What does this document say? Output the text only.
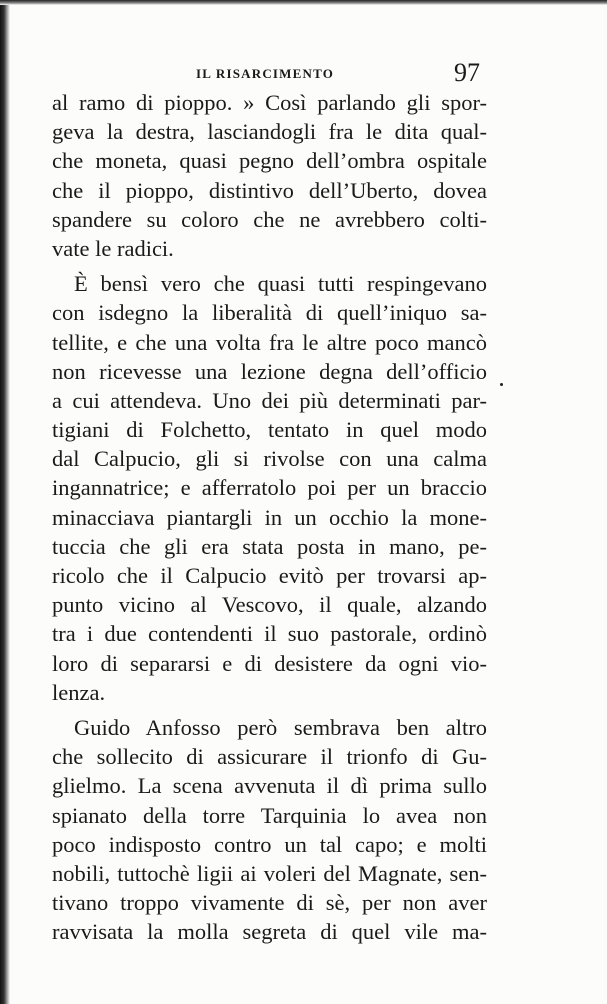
IL RISARCIMENTO	97
al ramo di pioppo. » Così parlando gli spor-
geva la destra, lasciandogli fra le dita qual-
che moneta, quasi pegno dell’ombra ospitale
che il pioppo, distintivo dell’Uberto, dovea
spandere su coloro che ne avrebbero colti-
vate le radici.
È bensì vero che quasi tutti respingevano
con isdegno la liberalità di quell’iniquo sa-
tellite, e che una volta fra le altre poco mancò
non ricevesse una lezione degna dell’officio
a cui attendeva. Uno dei più determinati par-
tigiani di Folchetto, tentato in quel modo
dal Calpucio, gli si rivolse con una calma
ingannatrice; e afferratolo poi per un braccio
minacciava piantargli in un occhio la mone-
tuccia che gli era stata posta in mano, pe-
ricolo che il Calpucio evitò per trovarsi ap-
punto vicino al Vescovo, il quale, alzando
tra i due contendenti il suo pastorale, ordinò
loro di separarsi e di desistere da ogni vio-
lenza.
Guido Anfosso però sembrava ben altro
che sollecito di assicurare il trionfo di Gu-
glielmo. La scena avvenuta il dì prima sullo
spianato della torre Tarquinia lo avea non
poco indisposto contro un tal capo; e molti
nobili, tuttochè ligii ai voleri del Magnate, sen-
tivano troppo vivamente di sè, per non aver
ravvisata la molla segreta di quel vile ma-
